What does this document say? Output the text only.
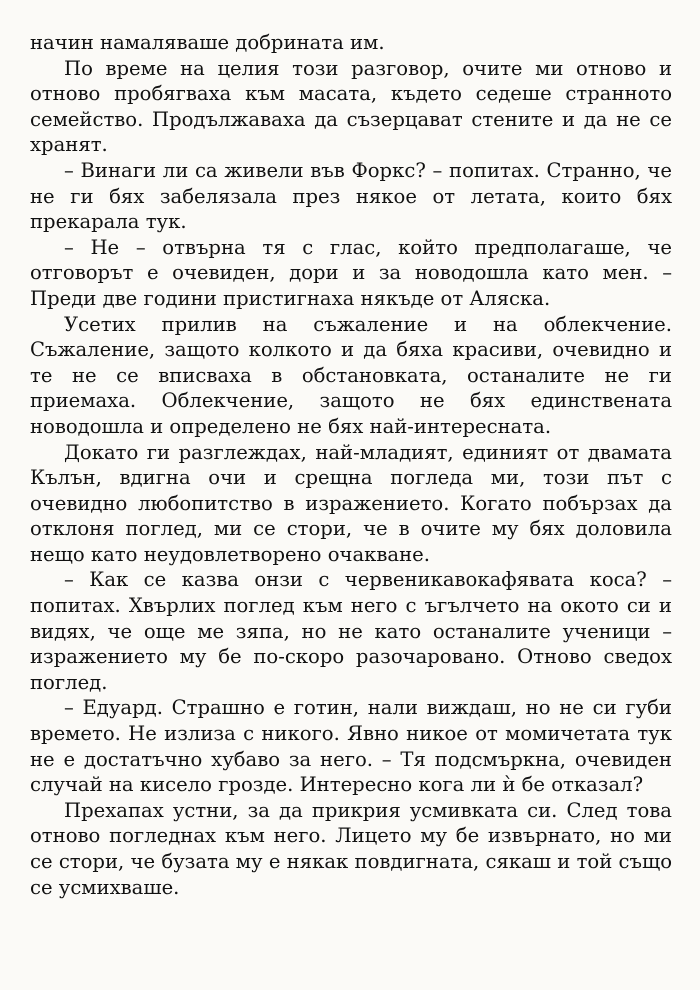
начин намаляваше добрината им.

По време на целия този разговор, очите ми отново и отново пробягваха към масата, където седеше странното семейство. Продължаваха да съзерцават стените и да не се хранят.

– Винаги ли са живели във Форкс? – попитах. Странно, че не ги бях забелязала през някое от летата, които бях прекарала тук.

– Не – отвърна тя с глас, който предполагаше, че отговорът е очевиден, дори и за новодошла като мен. – Преди две години пристигнаха някъде от Аляска.

Усетих прилив на съжаление и на облекчение. Съжаление, защото колкото и да бяха красиви, очевидно и те не се вписваха в обстановката, останалите не ги приемаха. Облекчение, защото не бях единствената новодошла и определено не бях най-интересната.

Докато ги разглеждах, най-младият, единият от двамата Кълън, вдигна очи и срещна погледа ми, този път с очевидно любопитство в изражението. Когато побързах да отклоня поглед, ми се стори, че в очите му бях доловила нещо като неудовлетворено очакване.

– Как се казва онзи с червеникавокафявата коса? – попитах. Хвърлих поглед към него с ъгълчето на окото си и видях, че още ме зяпа, но не като останалите ученици – изражението му бе по-скоро разочаровано. Отново сведох поглед.

– Едуард. Страшно е готин, нали виждаш, но не си губи времето. Не излиза с никого. Явно никое от момичетата тук не е достатъчно хубаво за него. – Тя подсмъркна, очевиден случай на кисело грозде. Интересно кога ли ѝ бе отказал?

Прехапах устни, за да прикрия усмивката си. След това отново погледнах към него. Лицето му бе извърнато, но ми се стори, че бузата му е някак повдигната, сякаш и той също се усмихваше.
